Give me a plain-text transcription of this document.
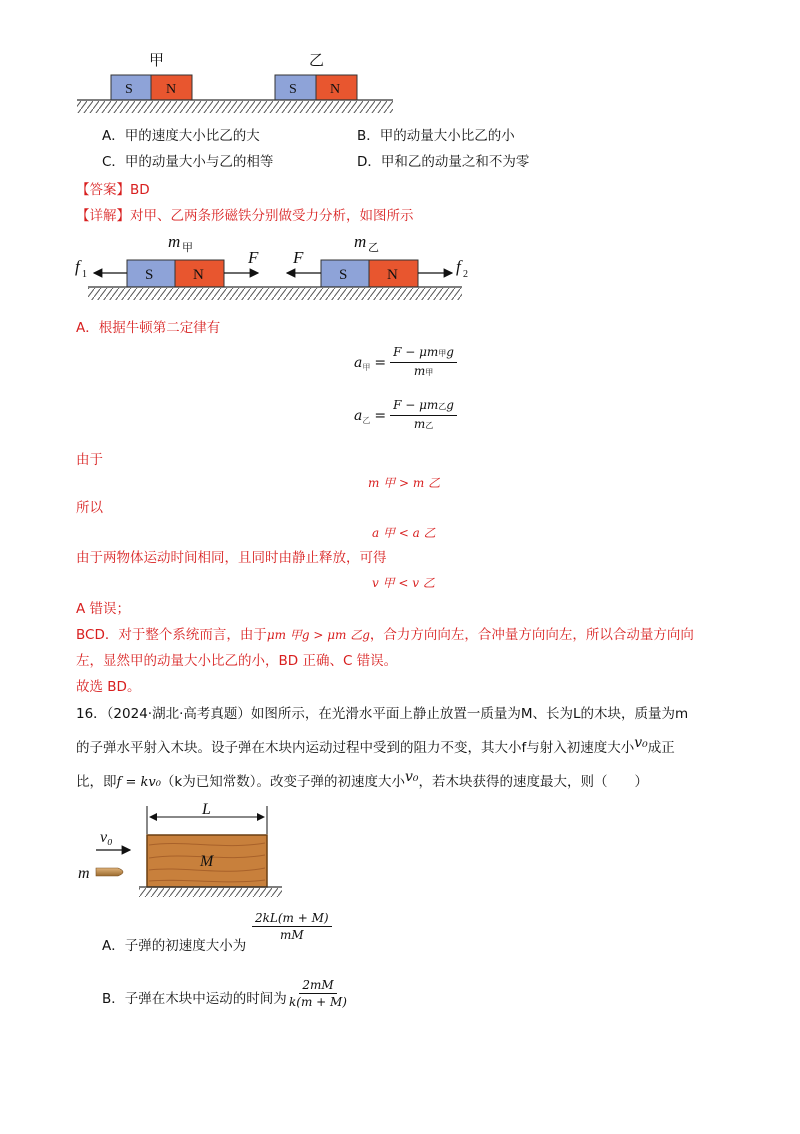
甲	乙
S N	S N
A．甲的速度大小比乙的大	B．甲的动量大小比乙的小
C．甲的动量大小与乙的相等	D．甲和乙的动量之和不为零
【答案】BD
【详解】对甲、乙两条形磁铁分别做受力分析，如图所示
m 甲	m 乙
S	N	S	N
f 1
F F	f 2
A．根据牛顿第二定律有
a 甲 = $\frac{\text{F − μm甲g}}{\text{m甲}}$
a 乙 = $\frac{\text{F − μm乙g}}{\text{m乙}}$
由于
m 甲 > m 乙
所以
a 甲 < a 乙
由于两物体运动时间相同，且同时由静止释放，可得
v 甲 < v 乙
A 错误；
BCD．对于整个系统而言，由于μm 甲g > μm 乙g，合力方向向左，合冲量方向向左，所以合动量方向向
左，显然甲的动量大小比乙的小，BD 正确、C 错误。
故选 BD。
16．（2024·湖北·高考真题）如图所示，在光滑水平面上静止放置一质量为M、长为L的木块，质量为m
的子弹水平射入木块。设子弹在木块内运动过程中受到的阻力不变，其大小f与射入初速度大小v₀成正
比，即f = kv₀（k为已知常数）。改变子弹的初速度大小v₀，若木块获得的速度最大，则（　　）
L
M
v₀
m
A．子弹的初速度大小为
$\frac{2kL(m + M)}{mM}$
B．子弹在木块中运动的时间为 $\frac{2mM}{k(m + M)}$
